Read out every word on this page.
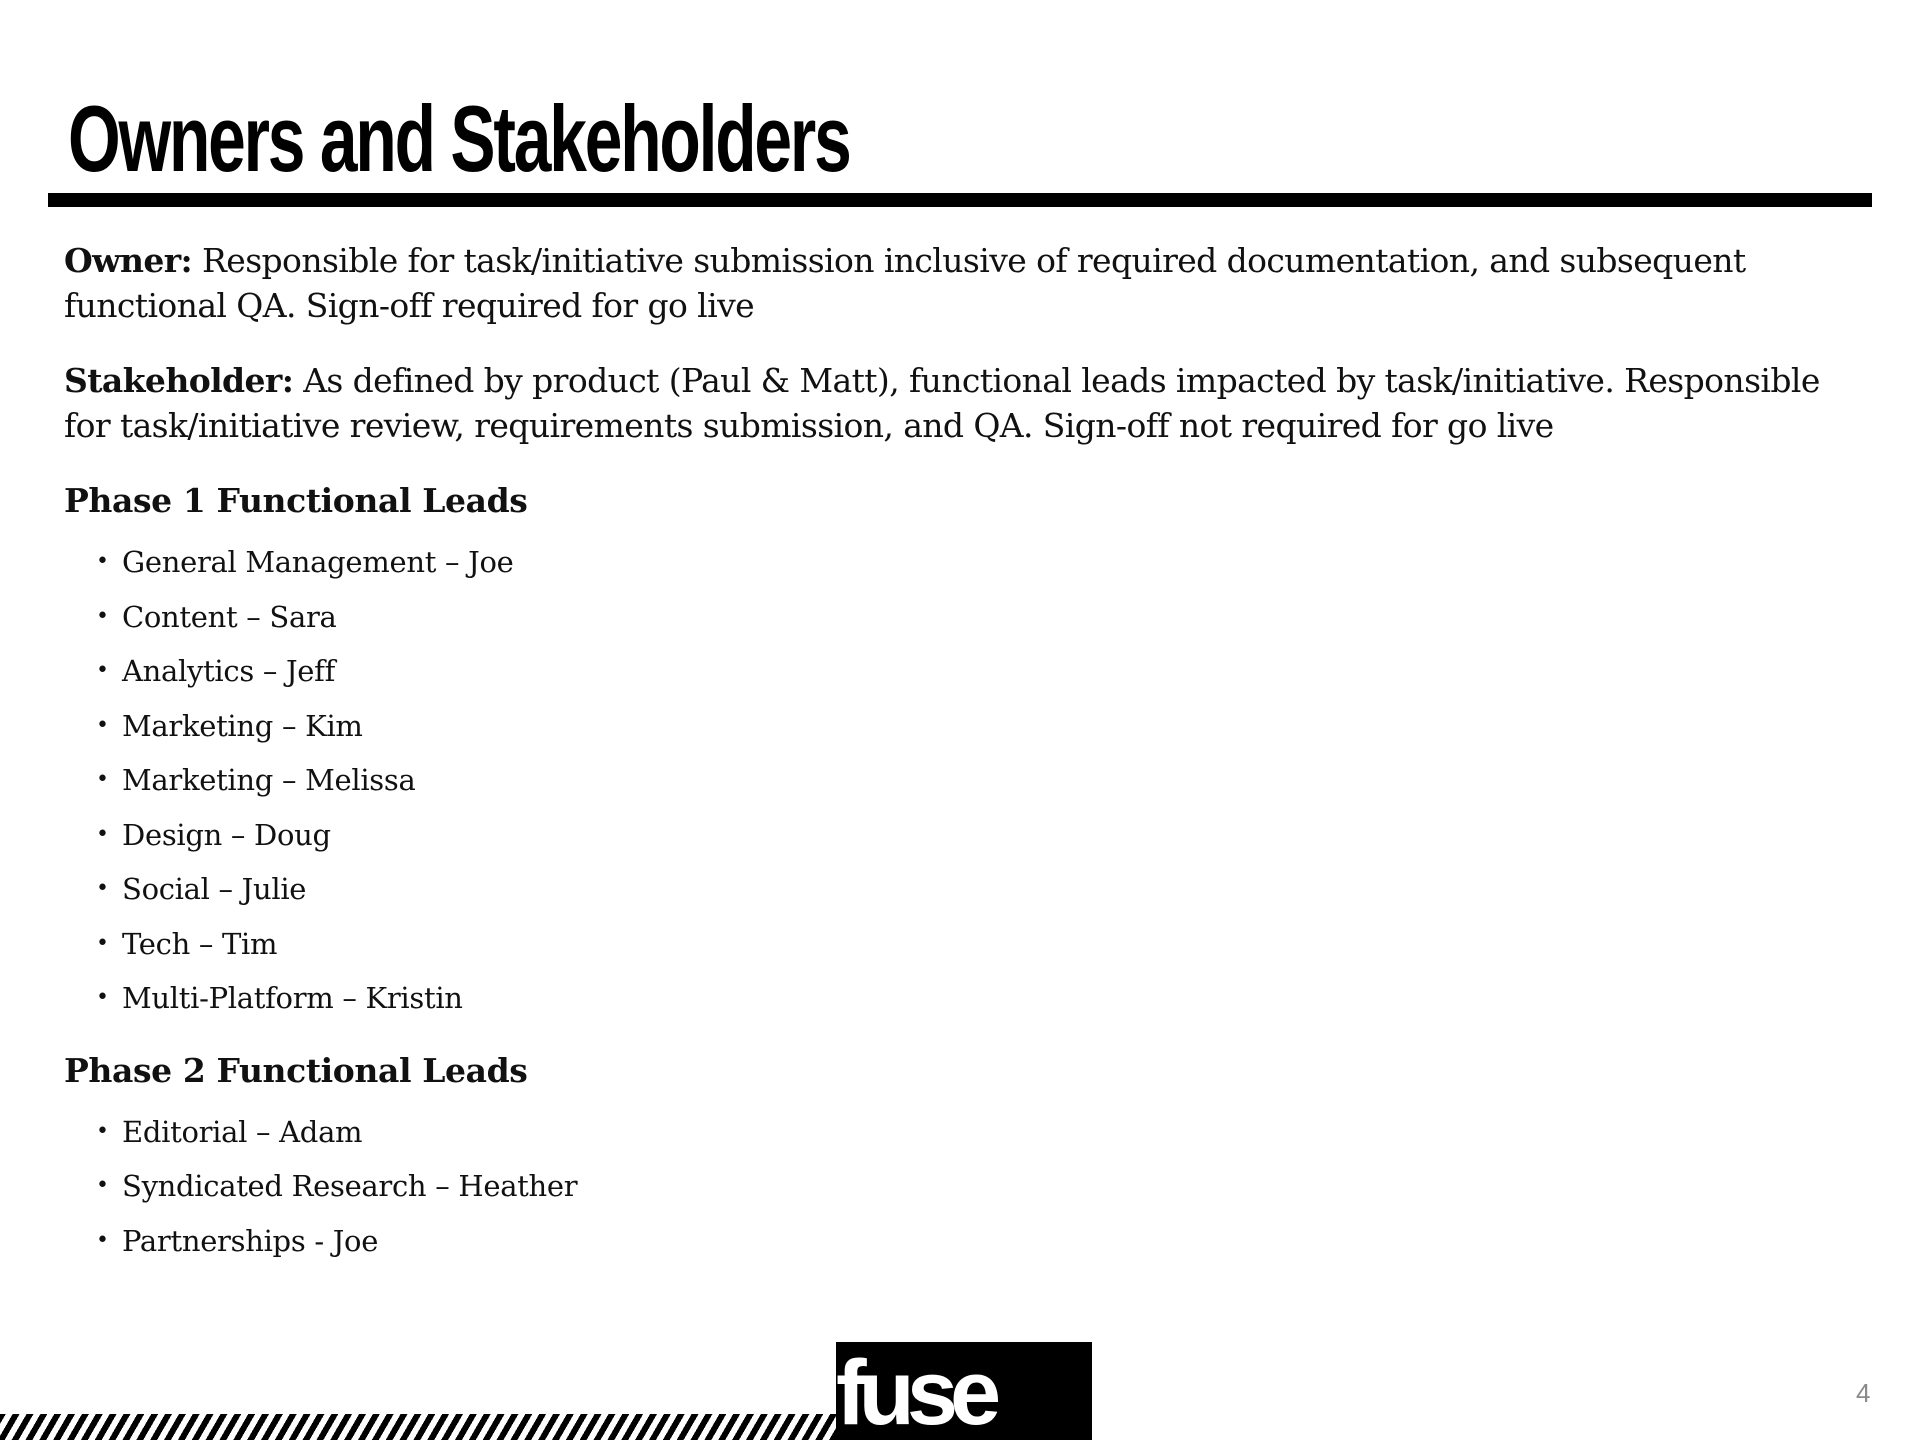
Owners and Stakeholders

Owner: Responsible for task/initiative submission inclusive of required documentation, and subsequent functional QA. Sign-off required for go live

Stakeholder: As defined by product (Paul & Matt), functional leads impacted by task/initiative. Responsible for task/initiative review, requirements submission, and QA. Sign-off not required for go live

Phase 1 Functional Leads
• General Management – Joe
• Content – Sara
• Analytics – Jeff
• Marketing – Kim
• Marketing – Melissa
• Design – Doug
• Social – Julie
• Tech – Tim
• Multi-Platform – Kristin
Phase 2 Functional Leads
• Editorial – Adam
• Syndicated Research – Heather
• Partnerships - Joe
fuse	4
